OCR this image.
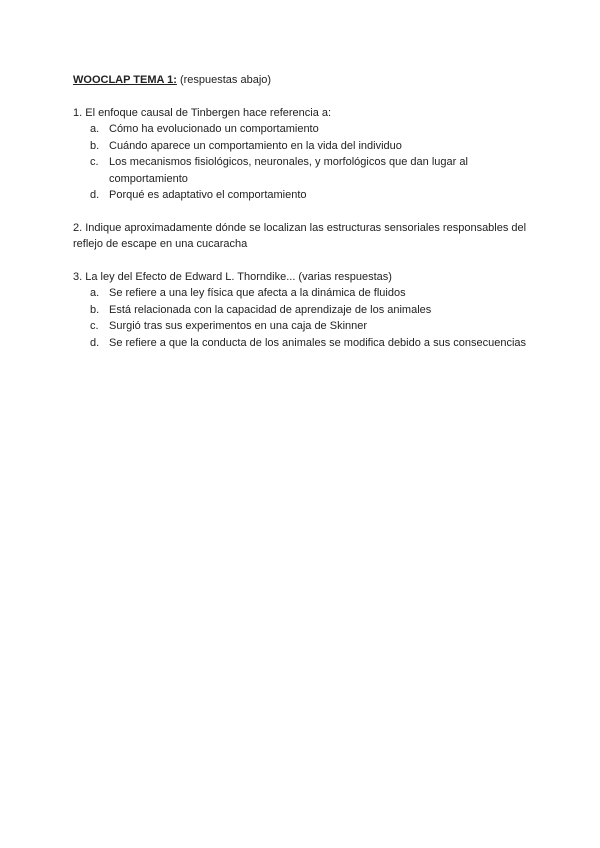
WOOCLAP TEMA 1: (respuestas abajo)

1. El enfoque causal de Tinbergen hace referencia a:

a. Cómo ha evolucionado un comportamiento
b. Cuándo aparece un comportamiento en la vida del individuo
c. Los mecanismos fisiológicos, neuronales, y morfológicos que dan lugar al comportamiento
d. Porqué es adaptativo el comportamiento

2. Indique aproximadamente dónde se localizan las estructuras sensoriales responsables del reflejo de escape en una cucaracha

3. La ley del Efecto de Edward L. Thorndike... (varias respuestas)

a. Se refiere a una ley física que afecta a la dinámica de fluidos
b. Está relacionada con la capacidad de aprendizaje de los animales
c. Surgió tras sus experimentos en una caja de Skinner
d. Se refiere a que la conducta de los animales se modifica debido a sus consecuencias
